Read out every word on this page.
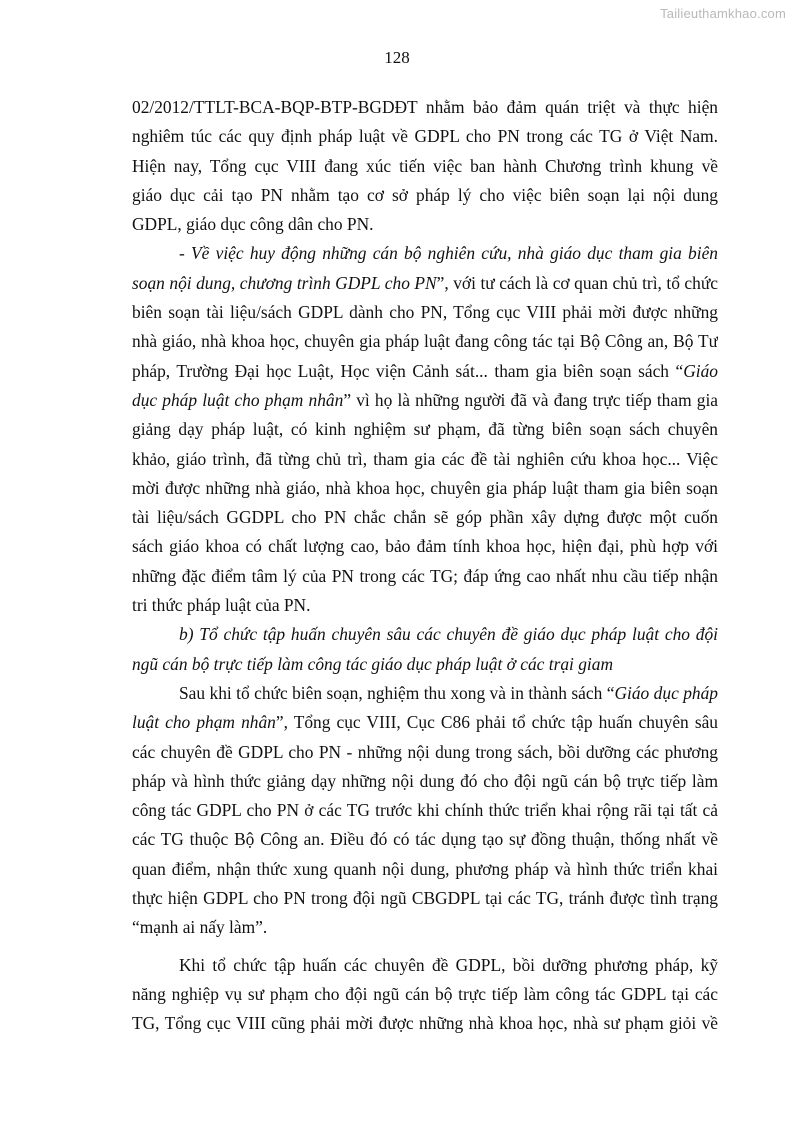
Tailieuthamkhao.com
128
02/2012/TTLT-BCA-BQP-BTP-BGDĐT nhằm bảo đảm quán triệt và thực hiện
nghiêm túc các quy định pháp luật về GDPL cho PN trong các TG ở Việt Nam.
Hiện nay, Tổng cục VIII đang xúc tiến việc ban hành Chương trình khung về
giáo dục cải tạo PN nhằm tạo cơ sở pháp lý cho việc biên soạn lại nội dung
GDPL, giáo dục công dân cho PN.
- Về việc huy động những cán bộ nghiên cứu, nhà giáo dục tham gia biên
soạn nội dung, chương trình GDPL cho PN”, với tư cách là cơ quan chủ trì, tổ chức
biên soạn tài liệu/sách GDPL dành cho PN, Tổng cục VIII phải mời được những
nhà giáo, nhà khoa học, chuyên gia pháp luật đang công tác tại Bộ Công an, Bộ Tư
pháp, Trường Đại học Luật, Học viện Cảnh sát... tham gia biên soạn sách “Giáo
dục pháp luật cho phạm nhân” vì họ là những người đã và đang trực tiếp tham gia
giảng dạy pháp luật, có kinh nghiệm sư phạm, đã từng biên soạn sách chuyên
khảo, giáo trình, đã từng chủ trì, tham gia các đề tài nghiên cứu khoa học... Việc
mời được những nhà giáo, nhà khoa học, chuyên gia pháp luật tham gia biên soạn
tài liệu/sách GGDPL cho PN chắc chắn sẽ góp phần xây dựng được một cuốn
sách giáo khoa có chất lượng cao, bảo đảm tính khoa học, hiện đại, phù hợp với
những đặc điểm tâm lý của PN trong các TG; đáp ứng cao nhất nhu cầu tiếp nhận
tri thức pháp luật của PN.
b) Tổ chức tập huấn chuyên sâu các chuyên đề giáo dục pháp luật cho đội
ngũ cán bộ trực tiếp làm công tác giáo dục pháp luật ở các trại giam
Sau khi tổ chức biên soạn, nghiệm thu xong và in thành sách “Giáo dục pháp
luật cho phạm nhân”, Tổng cục VIII, Cục C86 phải tổ chức tập huấn chuyên sâu
các chuyên đề GDPL cho PN - những nội dung trong sách, bồi dưỡng các phương
pháp và hình thức giảng dạy những nội dung đó cho đội ngũ cán bộ trực tiếp làm
công tác GDPL cho PN ở các TG trước khi chính thức triển khai rộng rãi tại tất cả
các TG thuộc Bộ Công an. Điều đó có tác dụng tạo sự đồng thuận, thống nhất về
quan điểm, nhận thức xung quanh nội dung, phương pháp và hình thức triển khai
thực hiện GDPL cho PN trong đội ngũ CBGDPL tại các TG, tránh được tình trạng
“mạnh ai nấy làm”.
Khi tổ chức tập huấn các chuyên đề GDPL, bồi dưỡng phương pháp, kỹ
năng nghiệp vụ sư phạm cho đội ngũ cán bộ trực tiếp làm công tác GDPL tại các
TG, Tổng cục VIII cũng phải mời được những nhà khoa học, nhà sư phạm giỏi về
